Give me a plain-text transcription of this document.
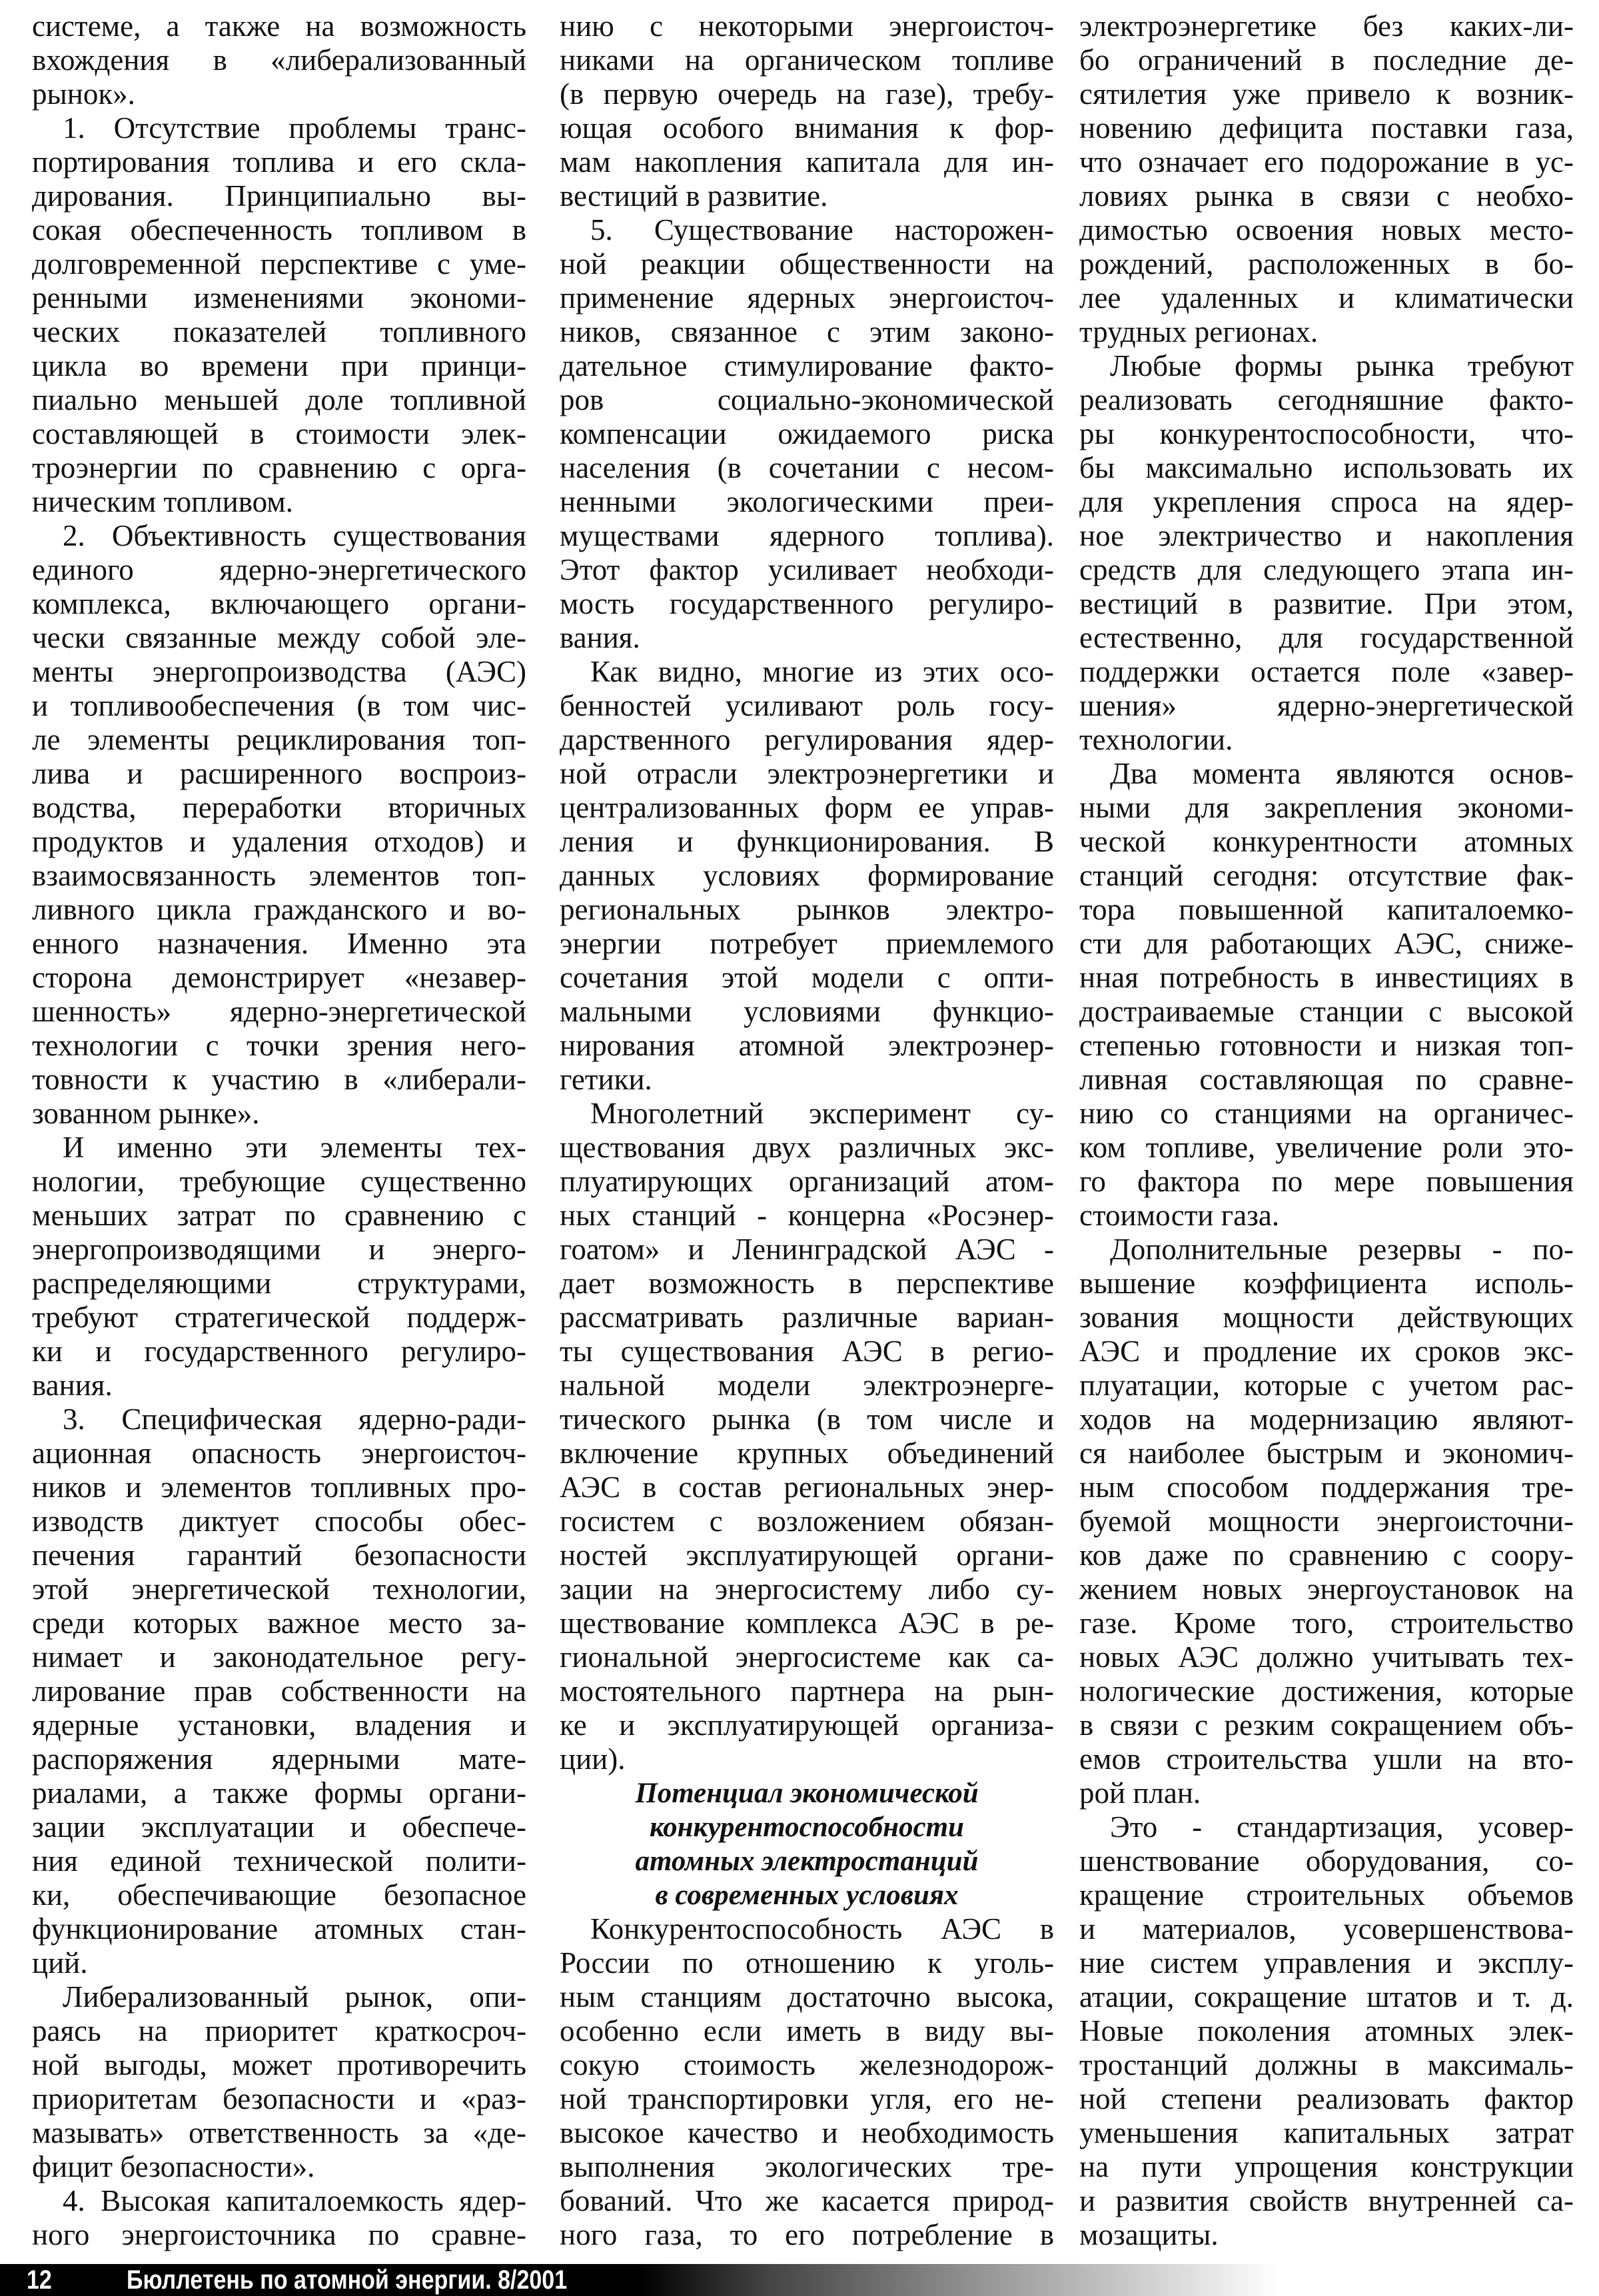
системе, а также на возможность
вхождения в «либерализованный
рынок».
1. Отсутствие проблемы транс-
портирования топлива и его скла-
дирования. Принципиально вы-
сокая обеспеченность топливом в
долговременной перспективе с уме-
ренными изменениями экономи-
ческих показателей топливного
цикла во времени при принци-
пиально меньшей доле топливной
составляющей в стоимости элек-
троэнергии по сравнению с орга-
ническим топливом.
2. Объективность существования
единого ядерно-энергетического
комплекса, включающего органи-
чески связанные между собой эле-
менты энергопроизводства (АЭС)
и топливообеспечения (в том чис-
ле элементы рециклирования топ-
лива и расширенного воспроиз-
водства, переработки вторичных
продуктов и удаления отходов) и
взаимосвязанность элементов топ-
ливного цикла гражданского и во-
енного назначения. Именно эта
сторона демонстрирует «незавер-
шенность» ядерно-энергетической
технологии с точки зрения него-
товности к участию в «либерали-
зованном рынке».
И именно эти элементы тех-
нологии, требующие существенно
меньших затрат по сравнению с
энергопроизводящими и энерго-
распределяющими структурами,
требуют стратегической поддерж-
ки и государственного регулиро-
вания.
3. Специфическая ядерно-ради-
ационная опасность энергоисточ-
ников и элементов топливных про-
изводств диктует способы обес-
печения гарантий безопасности
этой энергетической технологии,
среди которых важное место за-
нимает и законодательное регу-
лирование прав собственности на
ядерные установки, владения и
распоряжения ядерными мате-
риалами, а также формы органи-
зации эксплуатации и обеспече-
ния единой технической полити-
ки, обеспечивающие безопасное
функционирование атомных стан-
ций.
Либерализованный рынок, опи-
раясь на приоритет краткосроч-
ной выгоды, может противоречить
приоритетам безопасности и «раз-
мазывать» ответственность за «де-
фицит безопасности».
4. Высокая капиталоемкость ядер-
ного энергоисточника по сравне-
нию с некоторыми энергоисточ-
никами на органическом топливе
(в первую очередь на газе), требу-
ющая особого внимания к фор-
мам накопления капитала для ин-
вестиций в развитие.
5. Существование насторожен-
ной реакции общественности на
применение ядерных энергоисточ-
ников, связанное с этим законо-
дательное стимулирование факто-
ров социально-экономической
компенсации ожидаемого риска
населения (в сочетании с несом-
ненными экологическими преи-
муществами ядерного топлива).
Этот фактор усиливает необходи-
мость государственного регулиро-
вания.
Как видно, многие из этих осо-
бенностей усиливают роль госу-
дарственного регулирования ядер-
ной отрасли электроэнергетики и
централизованных форм ее управ-
ления и функционирования. В
данных условиях формирование
региональных рынков электро-
энергии потребует приемлемого
сочетания этой модели с опти-
мальными условиями функцио-
нирования атомной электроэнер-
гетики.
Многолетний эксперимент су-
ществования двух различных экс-
плуатирующих организаций атом-
ных станций - концерна «Росэнер-
гоатом» и Ленинградской АЭС -
дает возможность в перспективе
рассматривать различные вариан-
ты существования АЭС в регио-
нальной модели электроэнерге-
тического рынка (в том числе и
включение крупных объединений
АЭС в состав региональных энер-
госистем с возложением обязан-
ностей эксплуатирующей органи-
зации на энергосистему либо су-
ществование комплекса АЭС в ре-
гиональной энергосистеме как са-
мостоятельного партнера на рын-
ке и эксплуатирующей организа-
ции).
Потенциал экономической
конкурентоспособности
атомных электростанций
в современных условиях
Конкурентоспособность АЭС в
России по отношению к уголь-
ным станциям достаточно высока,
особенно если иметь в виду вы-
сокую стоимость железнодорож-
ной транспортировки угля, его не-
высокое качество и необходимость
выполнения экологических тре-
бований. Что же касается природ-
ного газа, то его потребление в
электроэнергетике без каких-ли-
бо ограничений в последние де-
сятилетия уже привело к возник-
новению дефицита поставки газа,
что означает его подорожание в ус-
ловиях рынка в связи с необхо-
димостью освоения новых место-
рождений, расположенных в бо-
лее удаленных и климатически
трудных регионах.
Любые формы рынка требуют
реализовать сегодняшние факто-
ры конкурентоспособности, что-
бы максимально использовать их
для укрепления спроса на ядер-
ное электричество и накопления
средств для следующего этапа ин-
вестиций в развитие. При этом,
естественно, для государственной
поддержки остается поле «завер-
шения» ядерно-энергетической
технологии.
Два момента являются основ-
ными для закрепления экономи-
ческой конкурентности атомных
станций сегодня: отсутствие фак-
тора повышенной капиталоемко-
сти для работающих АЭС, сниже-
нная потребность в инвестициях в
достраиваемые станции с высокой
степенью готовности и низкая топ-
ливная составляющая по сравне-
нию со станциями на органичес-
ком топливе, увеличение роли это-
го фактора по мере повышения
стоимости газа.
Дополнительные резервы - по-
вышение коэффициента исполь-
зования мощности действующих
АЭС и продление их сроков экс-
плуатации, которые с учетом рас-
ходов на модернизацию являют-
ся наиболее быстрым и экономич-
ным способом поддержания тре-
буемой мощности энергоисточни-
ков даже по сравнению с соору-
жением новых энергоустановок на
газе. Кроме того, строительство
новых АЭС должно учитывать тех-
нологические достижения, которые
в связи с резким сокращением объ-
емов строительства ушли на вто-
рой план.
Это - стандартизация, усовер-
шенствование оборудования, со-
кращение строительных объемов
и материалов, усовершенствова-
ние систем управления и эксплу-
атации, сокращение штатов и т. д.
Новые поколения атомных элек-
тростанций должны в максималь-
ной степени реализовать фактор
уменьшения капитальных затрат
на пути упрощения конструкции
и развития свойств внутренней са-
мозащиты.
12	Бюллетень по атомной энергии. 8/2001
